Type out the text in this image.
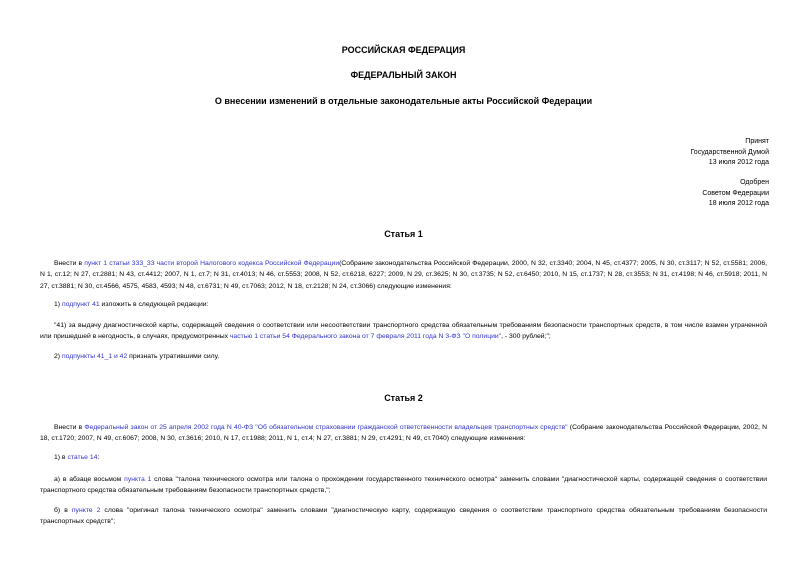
РОССИЙСКАЯ ФЕДЕРАЦИЯ
ФЕДЕРАЛЬНЫЙ ЗАКОН
О внесении изменений в отдельные законодательные акты Российской Федерации
Принят
Государственной Думой
13 июля 2012 года
Одобрен
Советом Федерации
18 июля 2012 года
Статья 1
Внести в пункт 1 статьи 333_33 части второй Налогового кодекса Российской Федерации(Собрание законодательства Российской Федерации, 2000, N 32, ст.3340; 2004, N 45, ст.4377; 2005, N 30, ст.3117; N 52, ст.5581; 2006, N 1, ст.12; N 27, ст.2881; N 43, ст.4412; 2007, N 1, ст.7; N 31, ст.4013; N 46, ст.5553; 2008, N 52, ст.6218, 6227; 2009, N 29, ст.3625; N 30, ст.3735; N 52, ст.6450; 2010, N 15, ст.1737; N 28, ст.3553; N 31, ст.4198; N 46, ст.5918; 2011, N 27, ст.3881; N 30, ст.4566, 4575, 4583, 4593; N 48, ст.6731; N 49, ст.7063; 2012, N 18, ст.2128; N 24, ст.3066) следующие изменения:
1) подпункт 41 изложить в следующей редакции:
"41) за выдачу диагностической карты, содержащей сведения о соответствии или несоответствии транспортного средства обязательным требованиям безопасности транспортных средств, в том числе взамен утраченной или пришедшей в негодность, в случаях, предусмотренных частью 1 статьи 54 Федерального закона от 7 февраля 2011 года N 3-ФЗ "О полиции", - 300 рублей;";
2) подпункты 41_1 и 42 признать утратившими силу.
Статья 2
Внести в Федеральный закон от 25 апреля 2002 года N 40-ФЗ "Об обязательном страховании гражданской ответственности владельцев транспортных средств" (Собрание законодательства Российской Федерации, 2002, N 18, ст.1720; 2007, N 49, ст.6067; 2008, N 30, ст.3616; 2010, N 17, ст.1988; 2011, N 1, ст.4; N 27, ст.3881; N 29, ст.4291; N 49, ст.7040) следующие изменения:
1) в статье 14:
а) в абзаце восьмом пункта 1 слова "талона технического осмотра или талона о прохождении государственного технического осмотра" заменить словами "диагностической карты, содержащей сведения о соответствии транспортного средства обязательным требованиям безопасности транспортных средств,";
б) в пункте 2 слова "оригинал талона технического осмотра" заменить словами "диагностическую карту, содержащую сведения о соответствии транспортного средства обязательным требованиям безопасности транспортных средств";
